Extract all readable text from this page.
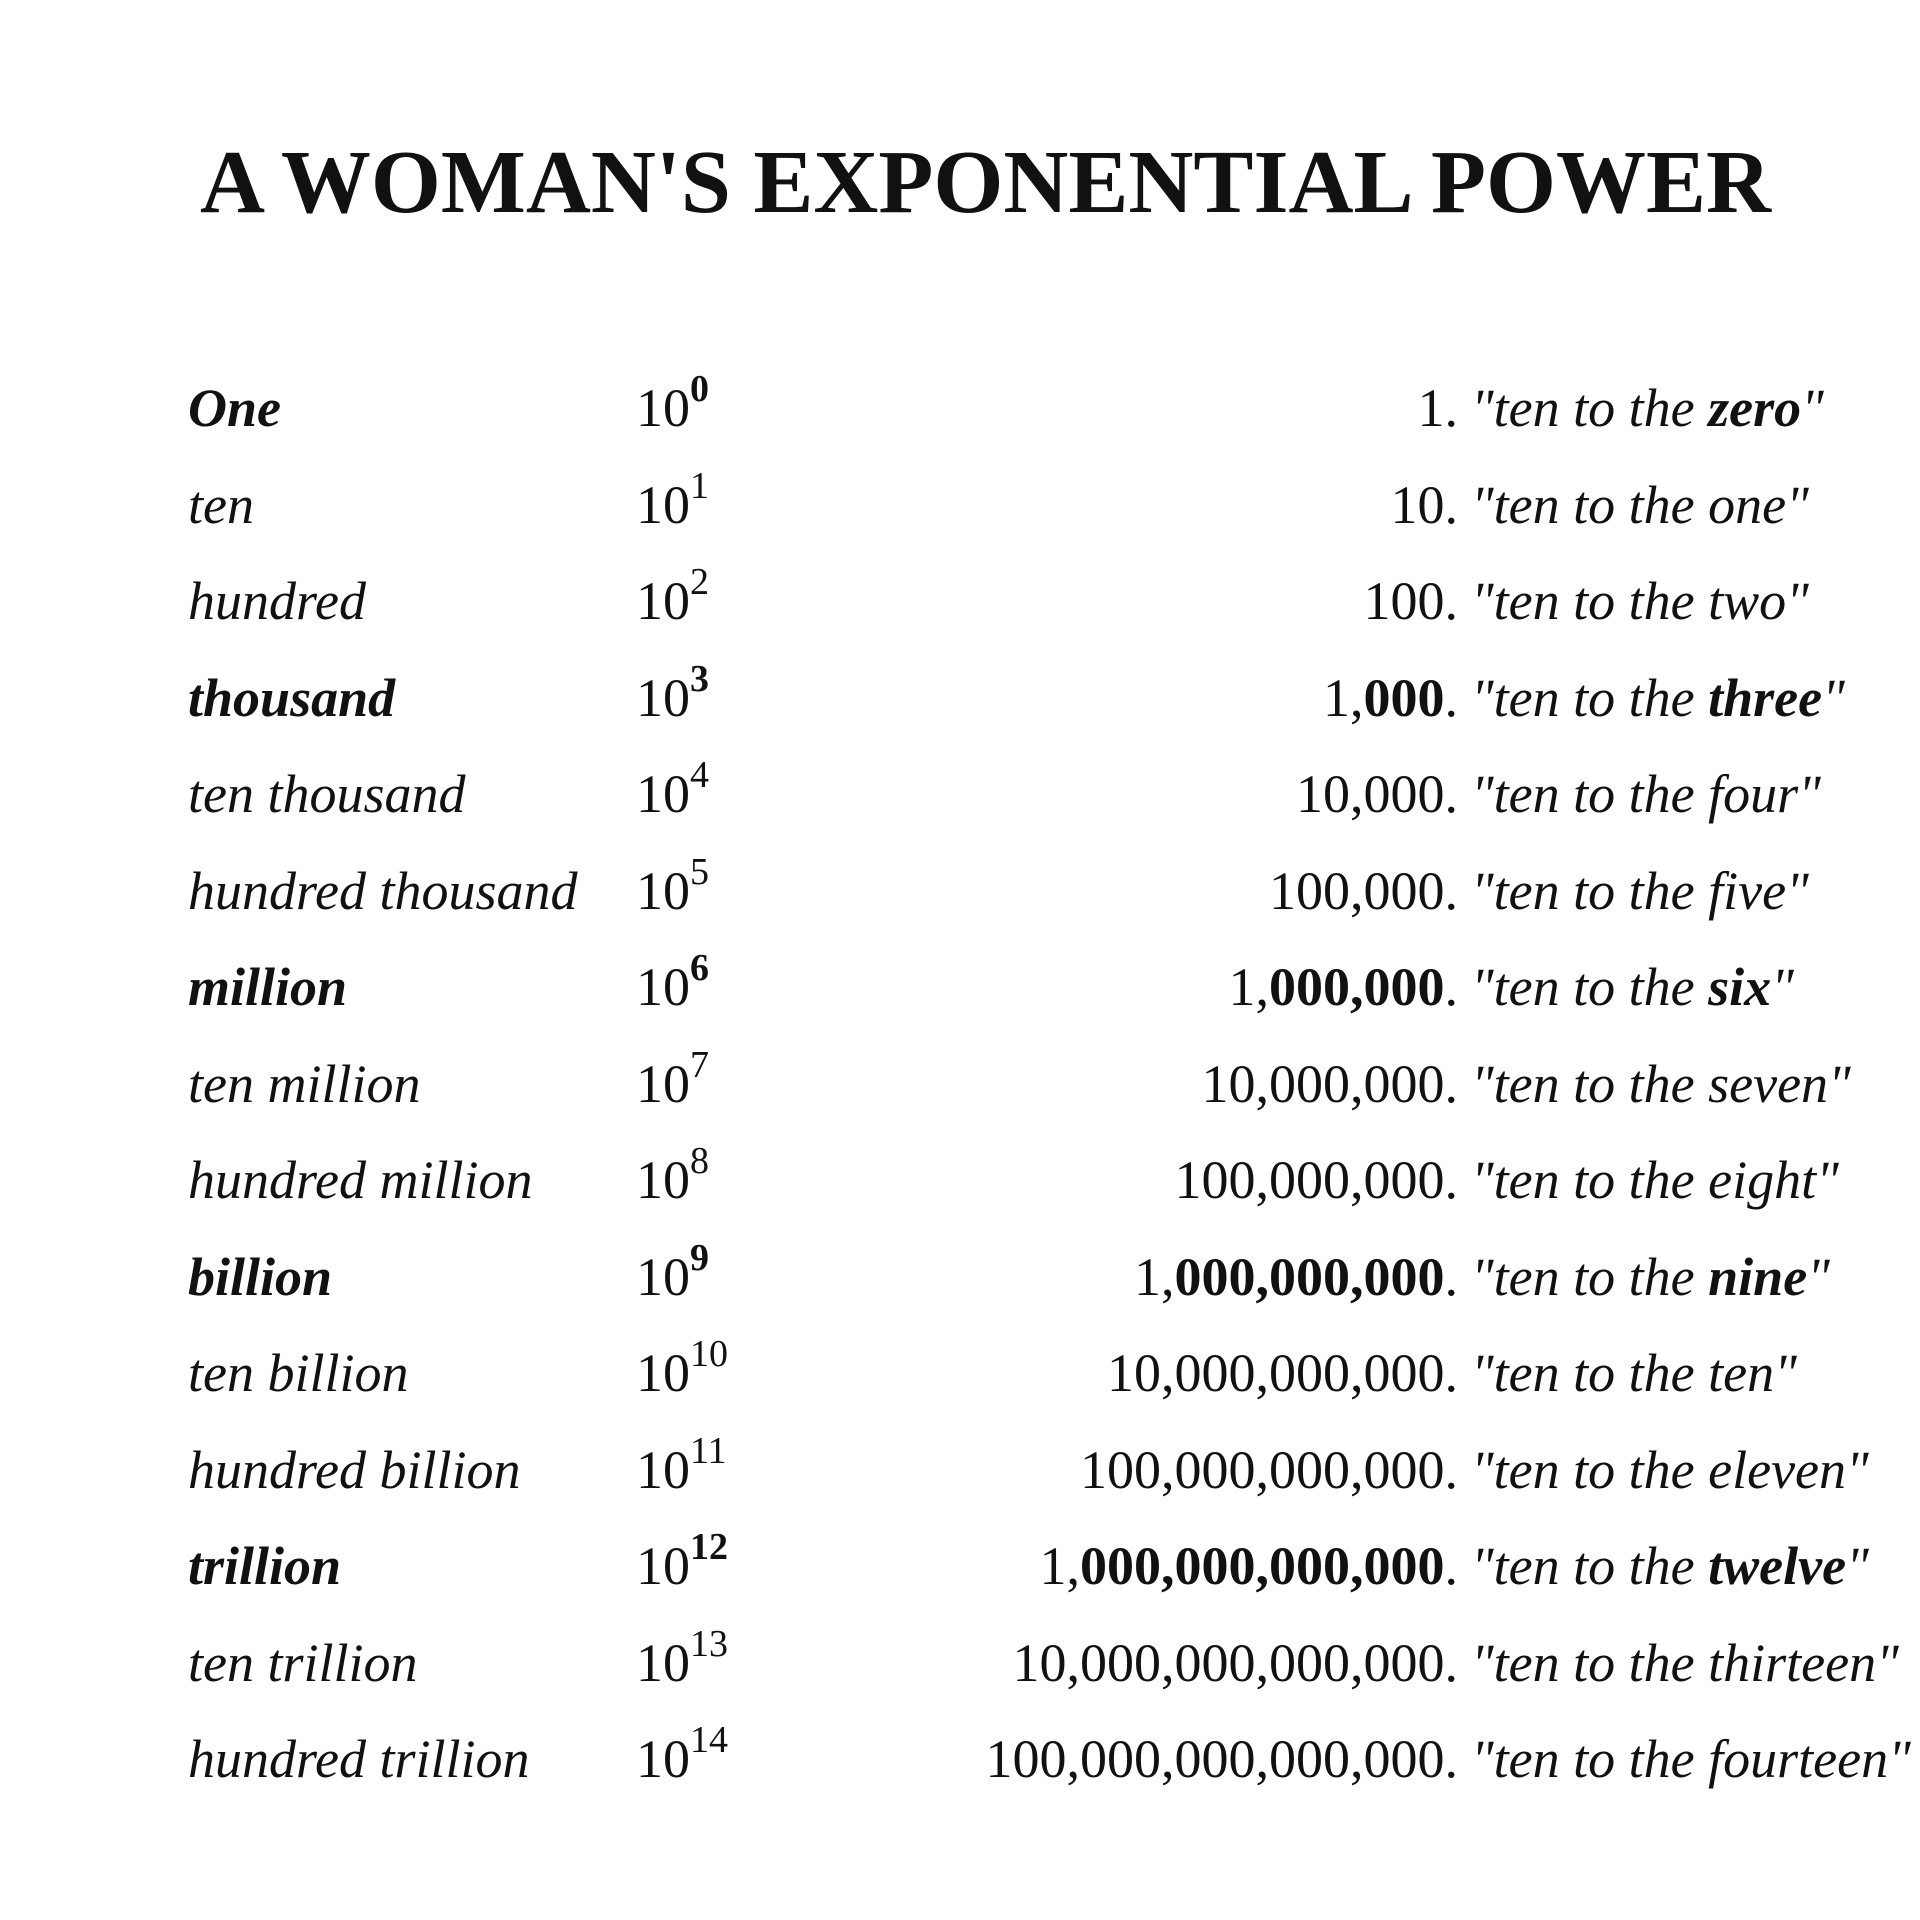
A WOMAN'S EXPONENTIAL POWER
One	$10^0$	1. "ten to the zero"
ten	$10^1$	10. "ten to the one"
hundred	$10^2$	100. "ten to the two"
thousand	$10^3$	1,000. "ten to the three"
ten thousand	$10^4$	10,000. "ten to the four"
hundred thousand $10^5$	100,000. "ten to the five"
million	$10^6$	1,000,000. "ten to the six"
ten million	$10^7$	10,000,000. "ten to the seven"
hundred million $10^8$	100,000,000. "ten to the eight"
billion	$10^9$	1,000,000,000. "ten to the nine"
ten billion	$10^{10}$	10,000,000,000. "ten to the ten"
hundred billion $10^{11}$	100,000,000,000. "ten to the eleven"
trillion	$10^{12}$	1,000,000,000,000. "ten to the twelve"
ten trillion	$10^{13}$	10,000,000,000,000. "ten to the thirteen"
hundred trillion $10^{14}$	100,000,000,000,000. "ten to the fourteen"
